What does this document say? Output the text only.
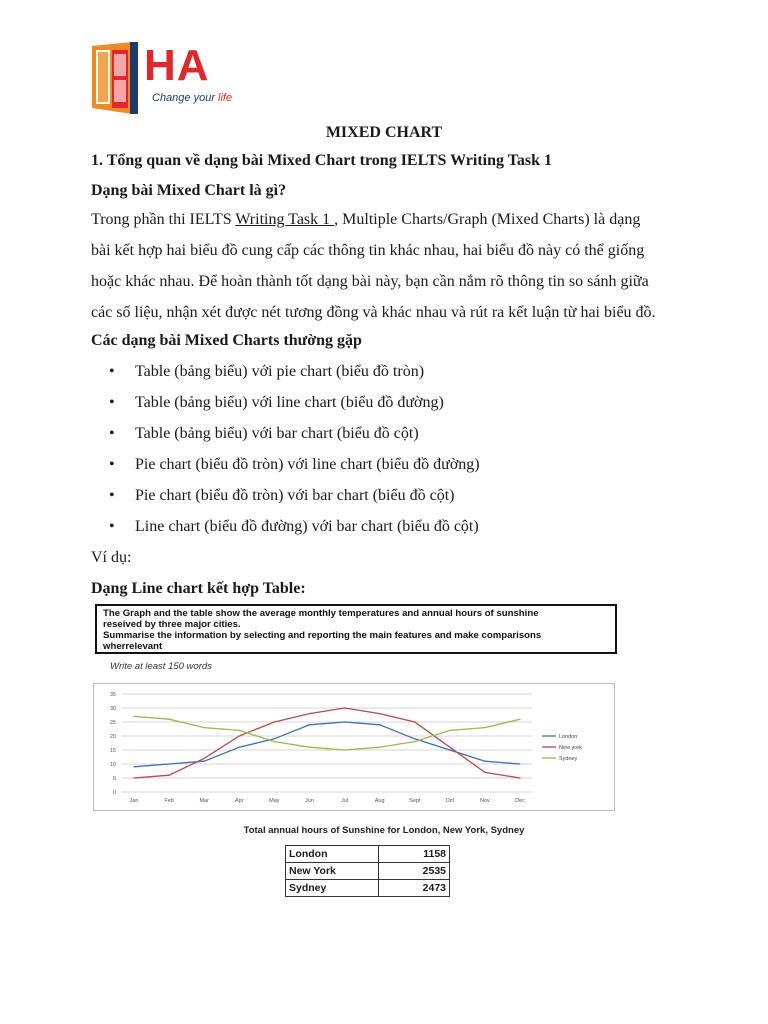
HA
Change your life
MIXED CHART
1. Tổng quan về dạng bài Mixed Chart trong IELTS Writing Task 1
Dạng bài Mixed Chart là gì?
Trong phần thi IELTS Writing Task 1 , Multiple Charts/Graph (Mixed Charts) là dạng
bài kết hợp hai biểu đồ cung cấp các thông tin khác nhau, hai biểu đồ này có thể giống
hoặc khác nhau. Để hoàn thành tốt dạng bài này, bạn cần nắm rõ thông tin so sánh giữa
các số liệu, nhận xét được nét tương đồng và khác nhau và rút ra kết luận từ hai biểu đồ.
Các dạng bài Mixed Charts thường gặp
• Table (bảng biểu) với pie chart (biểu đồ tròn)
• Table (bảng biểu) với line chart (biểu đồ đường)
• Table (bảng biểu) với bar chart (biểu đồ cột)
• Pie chart (biểu đồ tròn) với line chart (biểu đồ đường)
• Pie chart (biểu đồ tròn) với bar chart (biểu đồ cột)
• Line chart (biểu đồ đường) với bar chart (biểu đồ cột)
Ví dụ:
Dạng Line chart kết hợp Table:
The Graph and the table show the average monthly temperatures and annual hours of sunshine
reseived by three major cities.
Summarise the information by selecting and reporting the main features and make comparisons
wherrelevant
Write at least 150 words
0
5
10
15
20
25
30
35
Jan	Feb	Mar	Apr	May	Jun	Jul	Aug	Sept	Oct	Nov	Dec
London
New york
Sydney
Total annual hours of Sunshine for London, New York, Sydney
London	1158
New York	2535
Sydney	2473
